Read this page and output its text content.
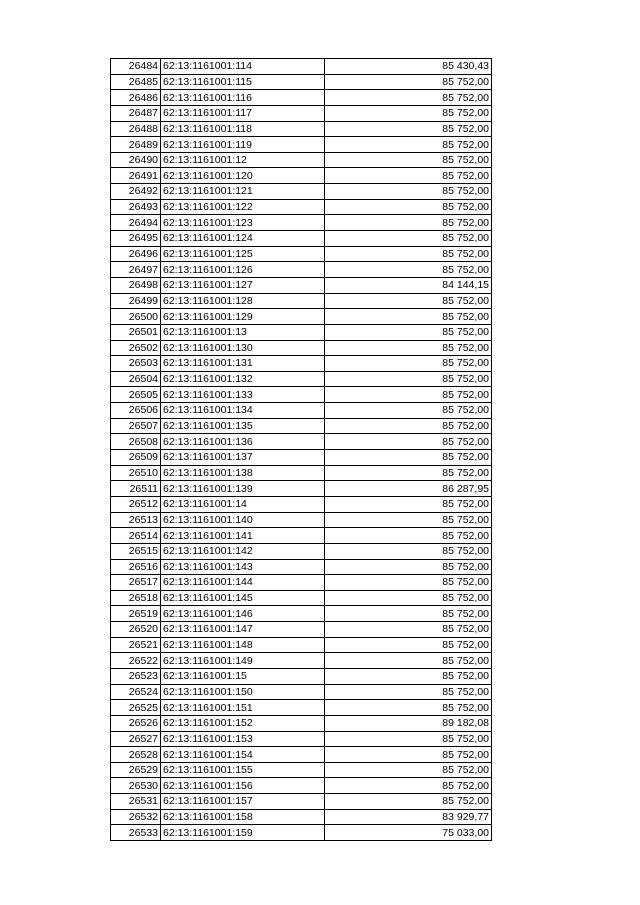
26484	62:13:1161001:114	85 430,43
26485	62:13:1161001:115	85 752,00
26486	62:13:1161001:116	85 752,00
26487	62:13:1161001:117	85 752,00
26488	62:13:1161001:118	85 752,00
26489	62:13:1161001:119	85 752,00
26490	62:13:1161001:12	85 752,00
26491	62:13:1161001:120	85 752,00
26492	62:13:1161001:121	85 752,00
26493	62:13:1161001:122	85 752,00
26494	62:13:1161001:123	85 752,00
26495	62:13:1161001:124	85 752,00
26496	62:13:1161001:125	85 752,00
26497	62:13:1161001:126	85 752,00
26498	62:13:1161001:127	84 144,15
26499	62:13:1161001:128	85 752,00
26500	62:13:1161001:129	85 752,00
26501	62:13:1161001:13	85 752,00
26502	62:13:1161001:130	85 752,00
26503	62:13:1161001:131	85 752,00
26504	62:13:1161001:132	85 752,00
26505	62:13:1161001:133	85 752,00
26506	62:13:1161001:134	85 752,00
26507	62:13:1161001:135	85 752,00
26508	62:13:1161001:136	85 752,00
26509	62:13:1161001:137	85 752,00
26510	62:13:1161001:138	85 752,00
26511	62:13:1161001:139	86 287,95
26512	62:13:1161001:14	85 752,00
26513	62:13:1161001:140	85 752,00
26514	62:13:1161001:141	85 752,00
26515	62:13:1161001:142	85 752,00
26516	62:13:1161001:143	85 752,00
26517	62:13:1161001:144	85 752,00
26518	62:13:1161001:145	85 752,00
26519	62:13:1161001:146	85 752,00
26520	62:13:1161001:147	85 752,00
26521	62:13:1161001:148	85 752,00
26522	62:13:1161001:149	85 752,00
26523	62:13:1161001:15	85 752,00
26524	62:13:1161001:150	85 752,00
26525	62:13:1161001:151	85 752,00
26526	62:13:1161001:152	89 182,08
26527	62:13:1161001:153	85 752,00
26528	62:13:1161001:154	85 752,00
26529	62:13:1161001:155	85 752,00
26530	62:13:1161001:156	85 752,00
26531	62:13:1161001:157	85 752,00
26532	62:13:1161001:158	83 929,77
26533	62:13:1161001:159	75 033,00
